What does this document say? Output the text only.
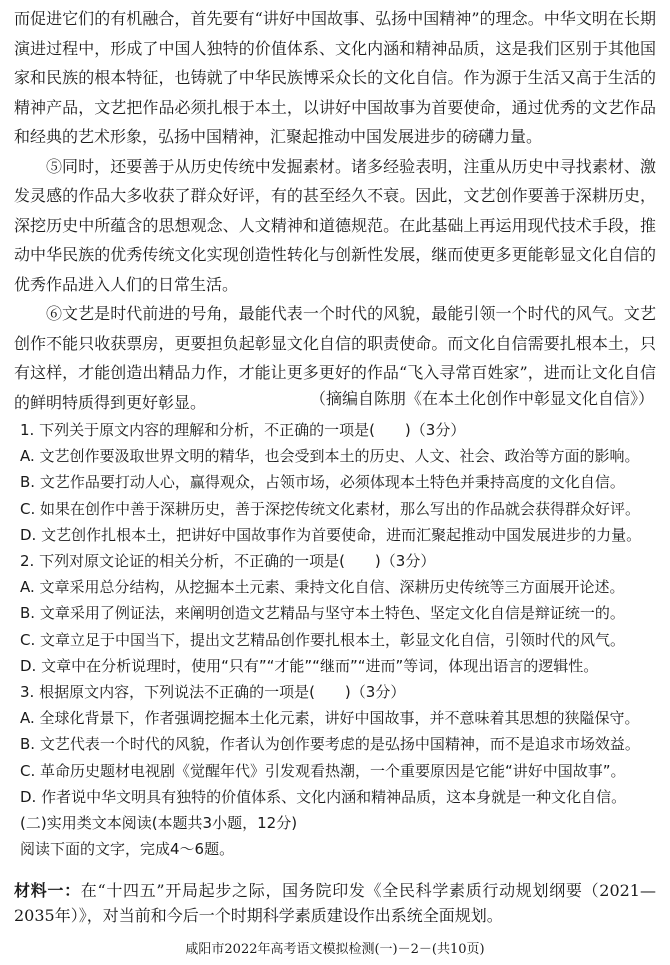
而促进它们的有机融合，首先要有“讲好中国故事、弘扬中国精神”的理念。中华文明在长期演进过程中，形成了中国人独特的价值体系、文化内涵和精神品质，这是我们区别于其他国家和民族的根本特征，也铸就了中华民族博采众长的文化自信。作为源于生活又高于生活的精神产品，文艺把作品必须扎根于本土，以讲好中国故事为首要使命，通过优秀的文艺作品和经典的艺术形象，弘扬中国精神，汇聚起推动中国发展进步的磅礴力量。

⑤同时，还要善于从历史传统中发掘素材。诸多经验表明，注重从历史中寻找素材、激发灵感的作品大多收获了群众好评，有的甚至经久不衰。因此，文艺创作要善于深耕历史，深挖历史中所蕴含的思想观念、人文精神和道德规范。在此基础上再运用现代技术手段，推动中华民族的优秀传统文化实现创造性转化与创新性发展，继而使更多更能彰显文化自信的优秀作品进入人们的日常生活。

⑥文艺是时代前进的号角，最能代表一个时代的风貌，最能引领一个时代的风气。文艺创作不能只收获票房，更要担负起彰显文化自信的职责使命。而文化自信需要扎根本土，只有这样，才能创造出精品力作，才能让更多更好的作品“飞入寻常百姓家”，进而让文化自信的鲜明特质得到更好彰显。	（摘编自陈朋《在本土化创作中彰显文化自信》）
1. 下列关于原文内容的理解和分析，不正确的一项是(　　)（3分）
A. 文艺创作要汲取世界文明的精华，也会受到本土的历史、人文、社会、政治等方面的影响。
B. 文艺作品要打动人心，赢得观众，占领市场，必须体现本土特色并秉持高度的文化自信。
C. 如果在创作中善于深耕历史，善于深挖传统文化素材，那么写出的作品就会获得群众好评。
D. 文艺创作扎根本土，把讲好中国故事作为首要使命，进而汇聚起推动中国发展进步的力量。
2. 下列对原文论证的相关分析，不正确的一项是(　　)（3分）
A. 文章采用总分结构，从挖掘本土元素、秉持文化自信、深耕历史传统等三方面展开论述。
B. 文章采用了例证法，来阐明创造文艺精品与坚守本土特色、坚定文化自信是辩证统一的。
C. 文章立足于中国当下，提出文艺精品创作要扎根本土，彰显文化自信，引领时代的风气。
D. 文章中在分析说理时，使用“只有”“才能”“继而”“进而”等词，体现出语言的逻辑性。
3. 根据原文内容，下列说法不正确的一项是(　　)（3分）
A. 全球化背景下，作者强调挖掘本土化元素，讲好中国故事，并不意味着其思想的狭隘保守。
B. 文艺代表一个时代的风貌，作者认为创作要考虑的是弘扬中国精神，而不是追求市场效益。
C. 革命历史题材电视剧《觉醒年代》引发观看热潮，一个重要原因是它能“讲好中国故事”。
D. 作者说中华文明具有独特的价值体系、文化内涵和精神品质，这本身就是一种文化自信。
(二)实用类文本阅读(本题共3小题，12分)
阅读下面的文字，完成4～6题。
材料一：在“十四五”开局起步之际，国务院印发《全民科学素质行动规划纲要（2021—2035年）》，对当前和今后一个时期科学素质建设作出系统全面规划。
咸阳市2022年高考语文模拟检测(一)－2－(共10页)
